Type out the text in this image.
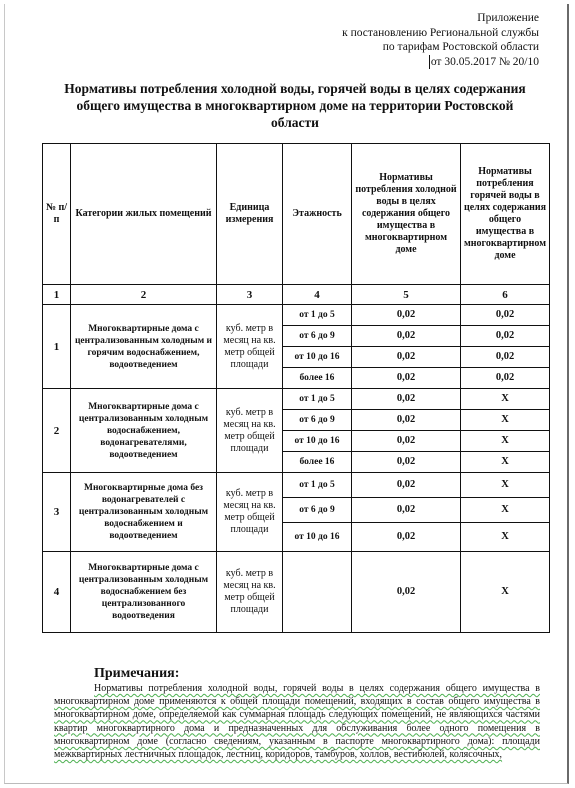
Приложение
к постановлению Региональной службы
по тарифам Ростовской области
от 30.05.2017 № 20/10
Нормативы потребления холодной воды, горячей воды в целях содержания общего имущества в многоквартирном доме на территории Ростовской области
№ п/п	Категории жилых помещений	Единица измерения	Этажность	Нормативы потребления холодной воды в целях содержания общего имущества в многоквартирном доме	Нормативы потребления горячей воды в целях содержания общего имущества в многоквартирном доме
1	2	3	4	5	6
1	Многоквартирные дома с централизованным холодным и горячим водоснабжением, водоотведением	куб. метр в месяц на кв. метр общей площади	от 1 до 5	0,02	0,02
			от 6 до 9	0,02	0,02
			от 10 до 16	0,02	0,02
			более 16	0,02	0,02
2	Многоквартирные дома с централизованным холодным водоснабжением, водонагревателями, водоотведением	куб. метр в месяц на кв. метр общей площади	от 1 до 5	0,02	X
			от 6 до 9	0,02	X
			от 10 до 16	0,02	X
			более 16	0,02	X
3	Многоквартирные дома без водонагревателей с централизованным холодным водоснабжением и водоотведением	куб. метр в месяц на кв. метр общей площади	от 1 до 5	0,02	X
			от 6 до 9	0,02	X
			от 10 до 16	0,02	X
4	Многоквартирные дома с централизованным холодным водоснабжением без централизованного водоотведения	куб. метр в месяц на кв. метр общей площади		0,02	X
Примечания:
Нормативы потребления холодной воды, горячей воды в целях содержания общего имущества в многоквартирном доме применяются к общей площади помещений, входящих в состав общего имущества в многоквартирном доме, определяемой как суммарная площадь следующих помещений, не являющихся частями квартир многоквартирного дома и предназначенных для обслуживания более одного помещения в многоквартирном доме (согласно сведениям, указанным в паспорте многоквартирного дома): площади межквартирных лестничных площадок, лестниц, коридоров, тамбуров, холлов, вестибюлей, колясочных,
